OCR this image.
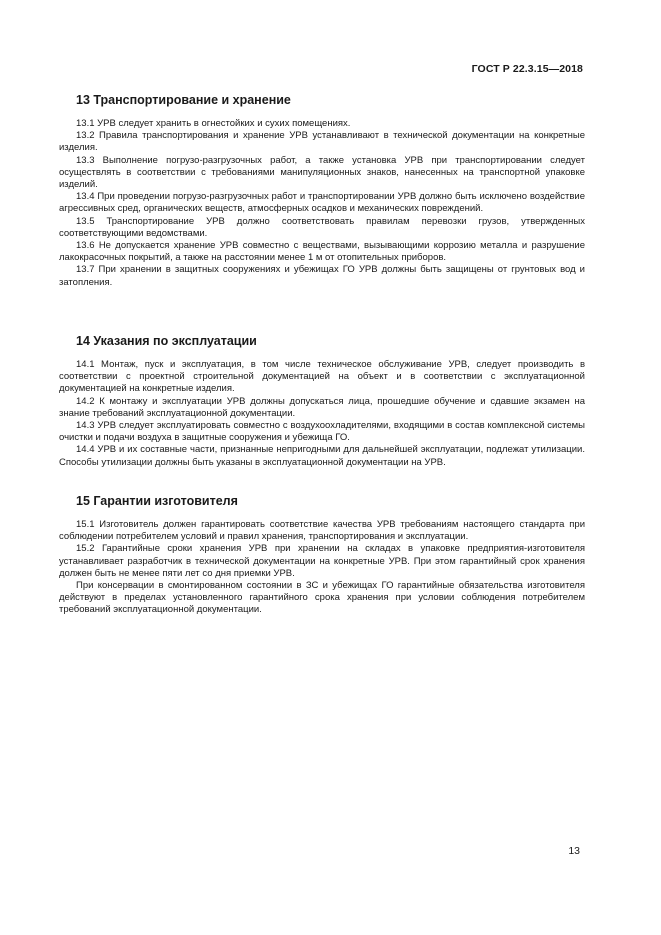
ГОСТ Р 22.3.15—2018
13 Транспортирование и хранение

13.1 УРВ следует хранить в огнестойких и сухих помещениях.

13.2 Правила транспортирования и хранение УРВ устанавливают в технической документации на конкретные изделия.

13.3 Выполнение погрузо-разгрузочных работ, а также установка УРВ при транспортировании следует осуществлять в соответствии с требованиями манипуляционных знаков, нанесенных на транспортной упаковке изделий.

13.4 При проведении погрузо-разгрузочных работ и транспортировании УРВ должно быть исключено воздействие агрессивных сред, органических веществ, атмосферных осадков и механических повреждений.

13.5 Транспортирование УРВ должно соответствовать правилам перевозки грузов, утвержденных соответствующими ведомствами.

13.6 Не допускается хранение УРВ совместно с веществами, вызывающими коррозию металла и разрушение лакокрасочных покрытий, а также на расстоянии менее 1 м от отопительных приборов.

13.7 При хранении в защитных сооружениях и убежищах ГО УРВ должны быть защищены от грунтовых вод и затопления.

14 Указания по эксплуатации

14.1 Монтаж, пуск и эксплуатация, в том числе техническое обслуживание УРВ, следует производить в соответствии с проектной строительной документацией на объект и в соответствии с эксплуатационной документацией на конкретные изделия.

14.2 К монтажу и эксплуатации УРВ должны допускаться лица, прошедшие обучение и сдавшие экзамен на знание требований эксплуатационной документации.

14.3 УРВ следует эксплуатировать совместно с воздухоохладителями, входящими в состав комплексной системы очистки и подачи воздуха в защитные сооружения и убежища ГО.

14.4 УРВ и их составные части, признанные непригодными для дальнейшей эксплуатации, подлежат утилизации. Способы утилизации должны быть указаны в эксплуатационной документации на УРВ.

15 Гарантии изготовителя

15.1 Изготовитель должен гарантировать соответствие качества УРВ требованиям настоящего стандарта при соблюдении потребителем условий и правил хранения, транспортирования и эксплуатации.

15.2 Гарантийные сроки хранения УРВ при хранении на складах в упаковке предприятия-изготовителя устанавливает разработчик в технической документации на конкретные УРВ. При этом гарантийный срок хранения должен быть не менее пяти лет со дня приемки УРВ.

При консервации в смонтированном состоянии в ЗС и убежищах ГО гарантийные обязательства изготовителя действуют в пределах установленного гарантийного срока хранения при условии соблюдения потребителем требований эксплуатационной документации.

13
